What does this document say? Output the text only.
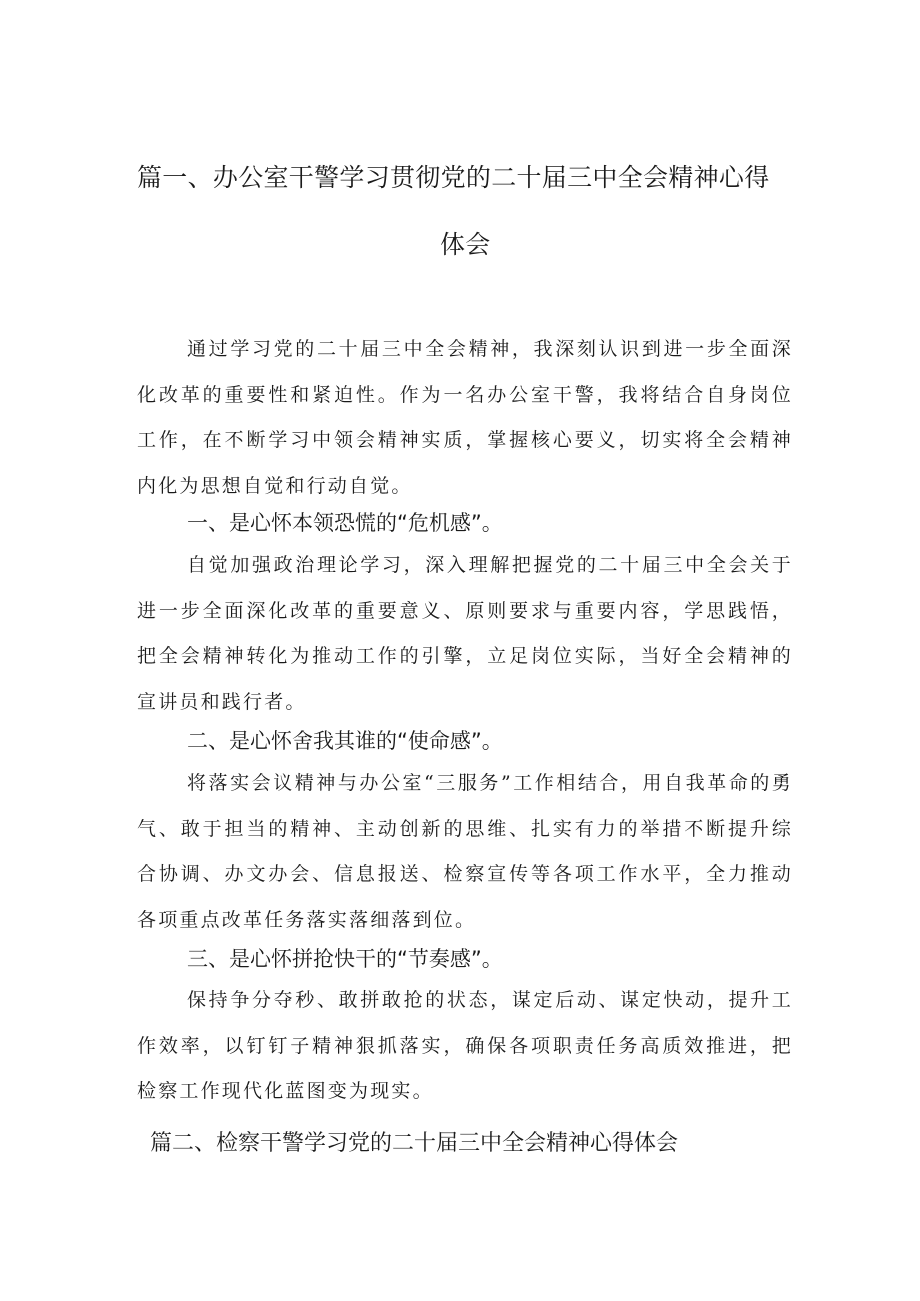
篇一、办公室干警学习贯彻党的二十届三中全会精神心得
体会

通过学习党的二十届三中全会精神，我深刻认识到进一步全面深化改革的重要性和紧迫性。作为一名办公室干警，我将结合自身岗位工作，在不断学习中领会精神实质，掌握核心要义，切实将全会精神内化为思想自觉和行动自觉。

一、是心怀本领恐慌的“危机感”。

自觉加强政治理论学习，深入理解把握党的二十届三中全会关于进一步全面深化改革的重要意义、原则要求与重要内容，学思践悟，把全会精神转化为推动工作的引擎，立足岗位实际，当好全会精神的宣讲员和践行者。

二、是心怀舍我其谁的“使命感”。

将落实会议精神与办公室“三服务”工作相结合，用自我革命的勇气、敢于担当的精神、主动创新的思维、扎实有力的举措不断提升综合协调、办文办会、信息报送、检察宣传等各项工作水平，全力推动各项重点改革任务落实落细落到位。

三、是心怀拼抢快干的“节奏感”。

保持争分夺秒、敢拼敢抢的状态，谋定后动、谋定快动，提升工作效率，以钉钉子精神狠抓落实，确保各项职责任务高质效推进，把检察工作现代化蓝图变为现实。

篇二、检察干警学习党的二十届三中全会精神心得体会
